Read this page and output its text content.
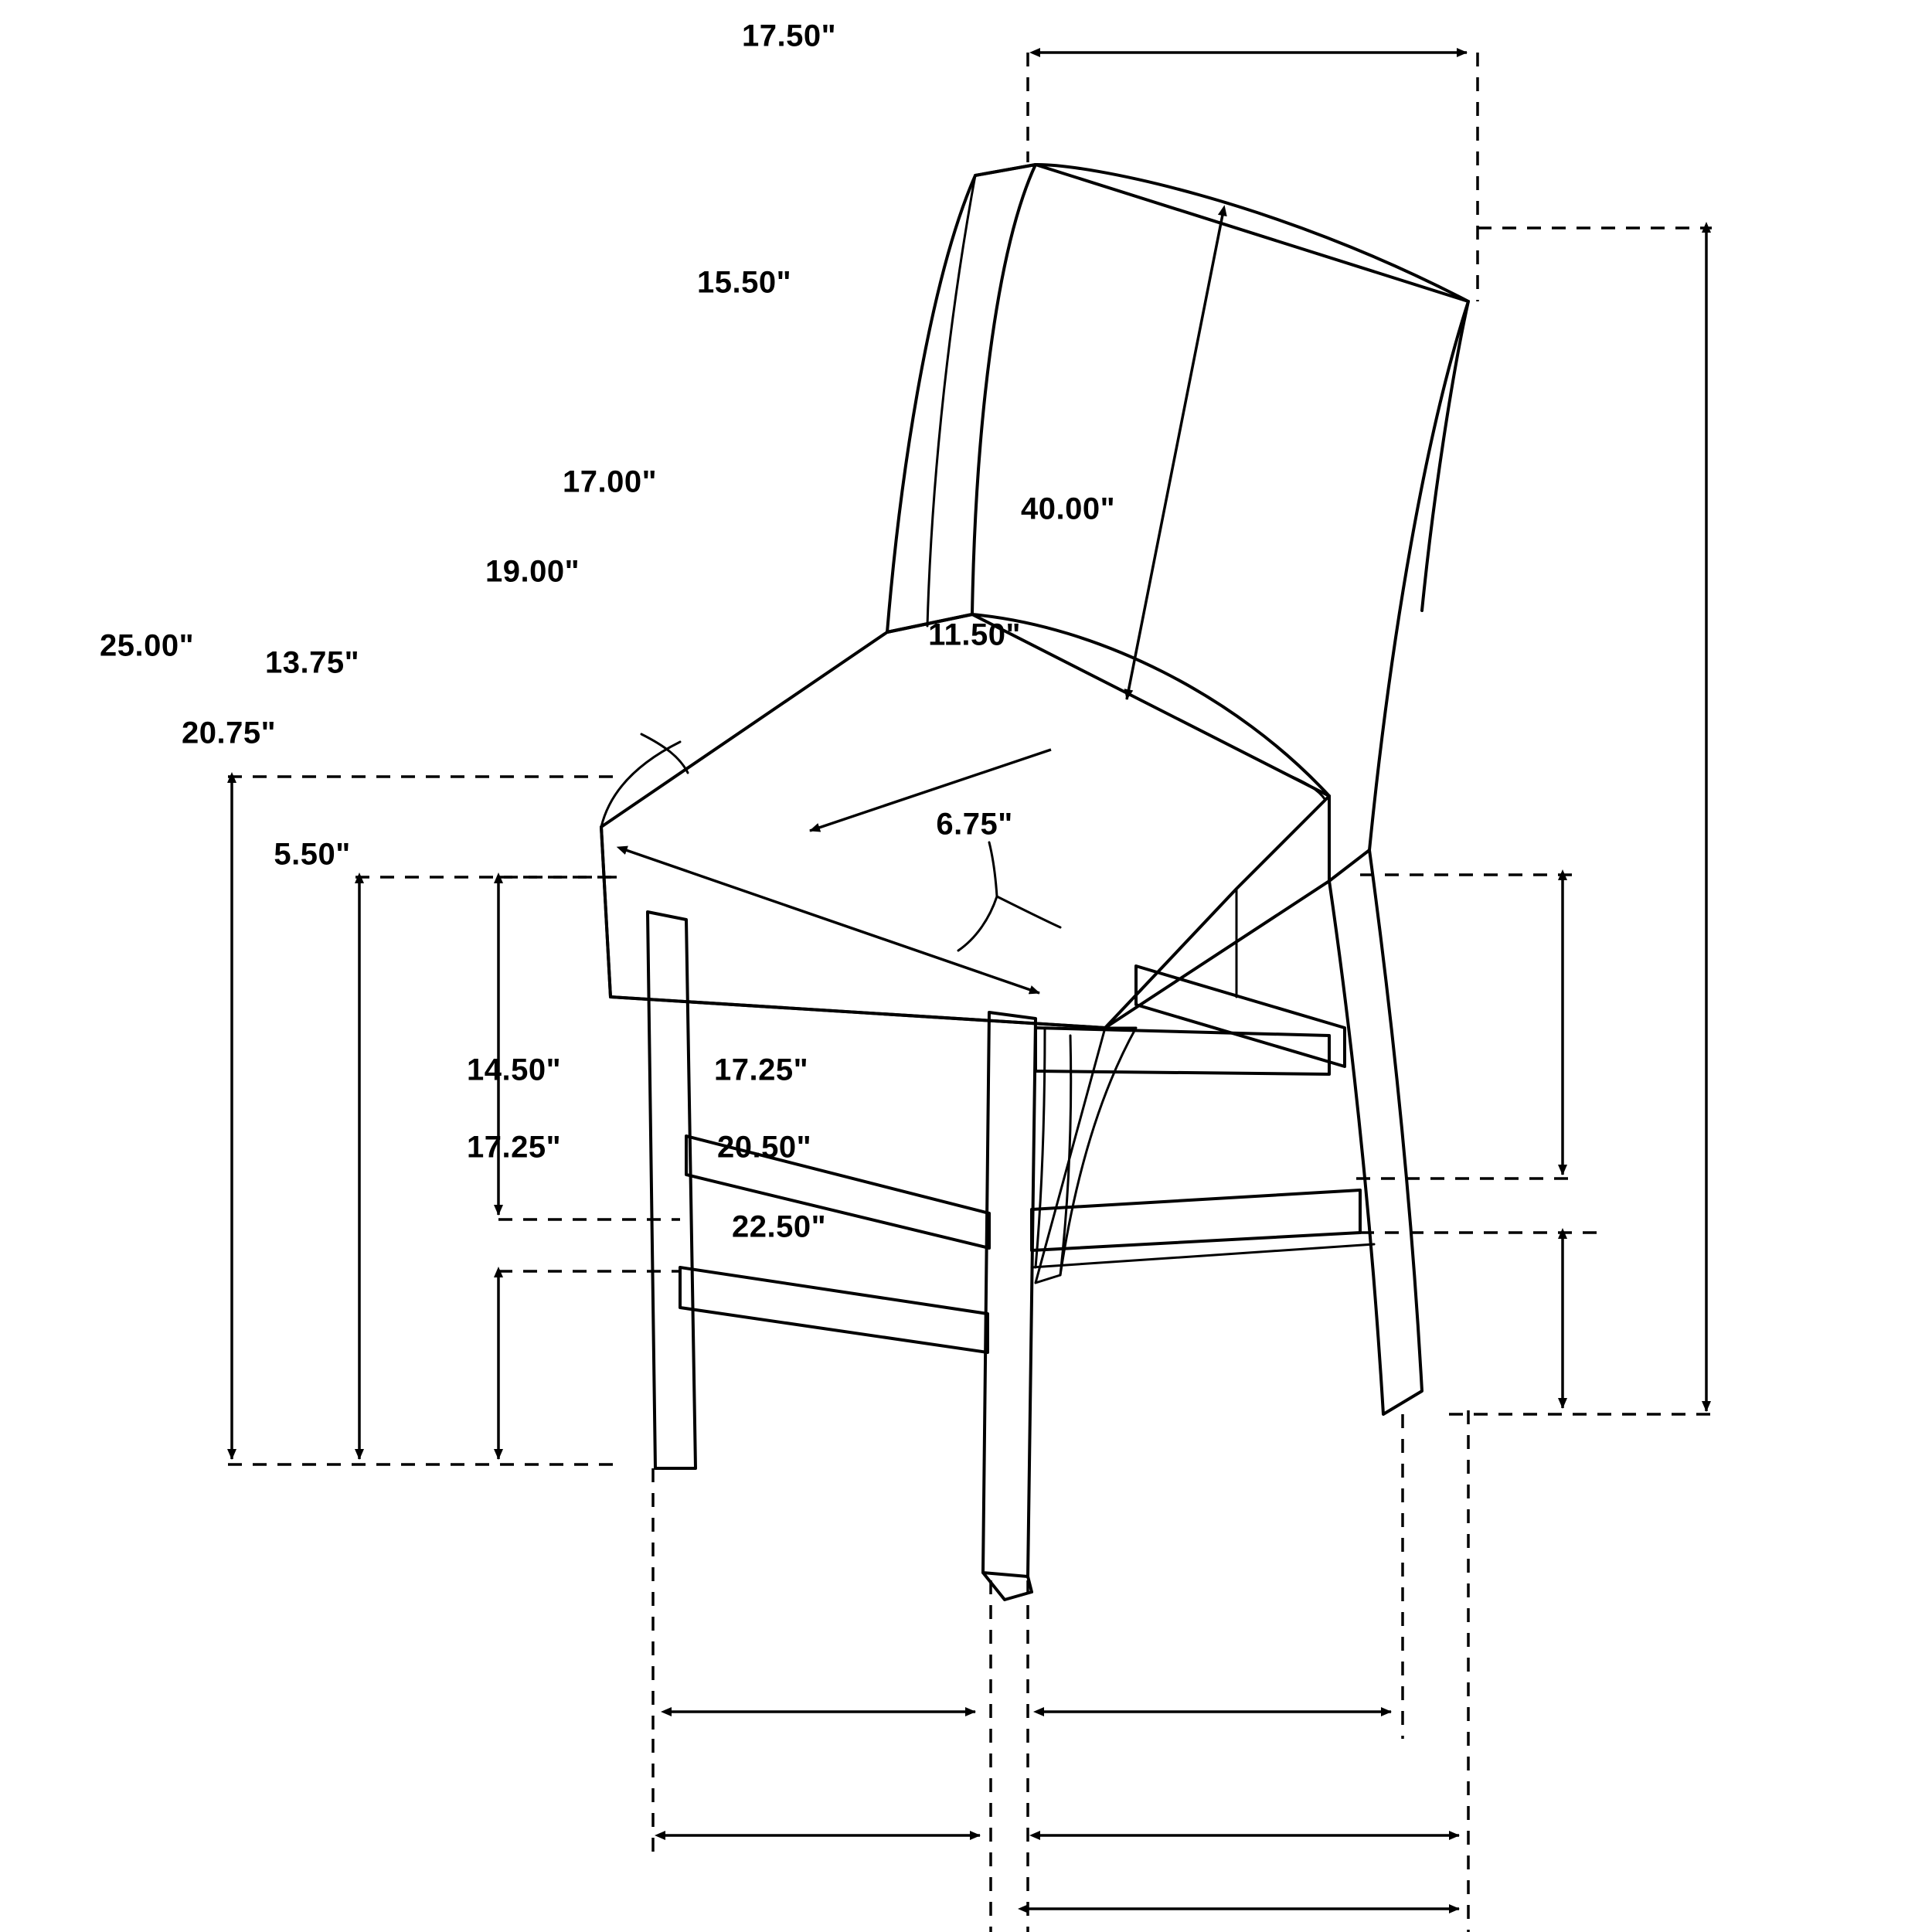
17.50"
15.50"
17.00"
19.00"
40.00"
25.00" 13.75"
20.75"
5.50"
11.50"
6.75"
14.50"	17.25"
17.25"	20.50"
22.50"
